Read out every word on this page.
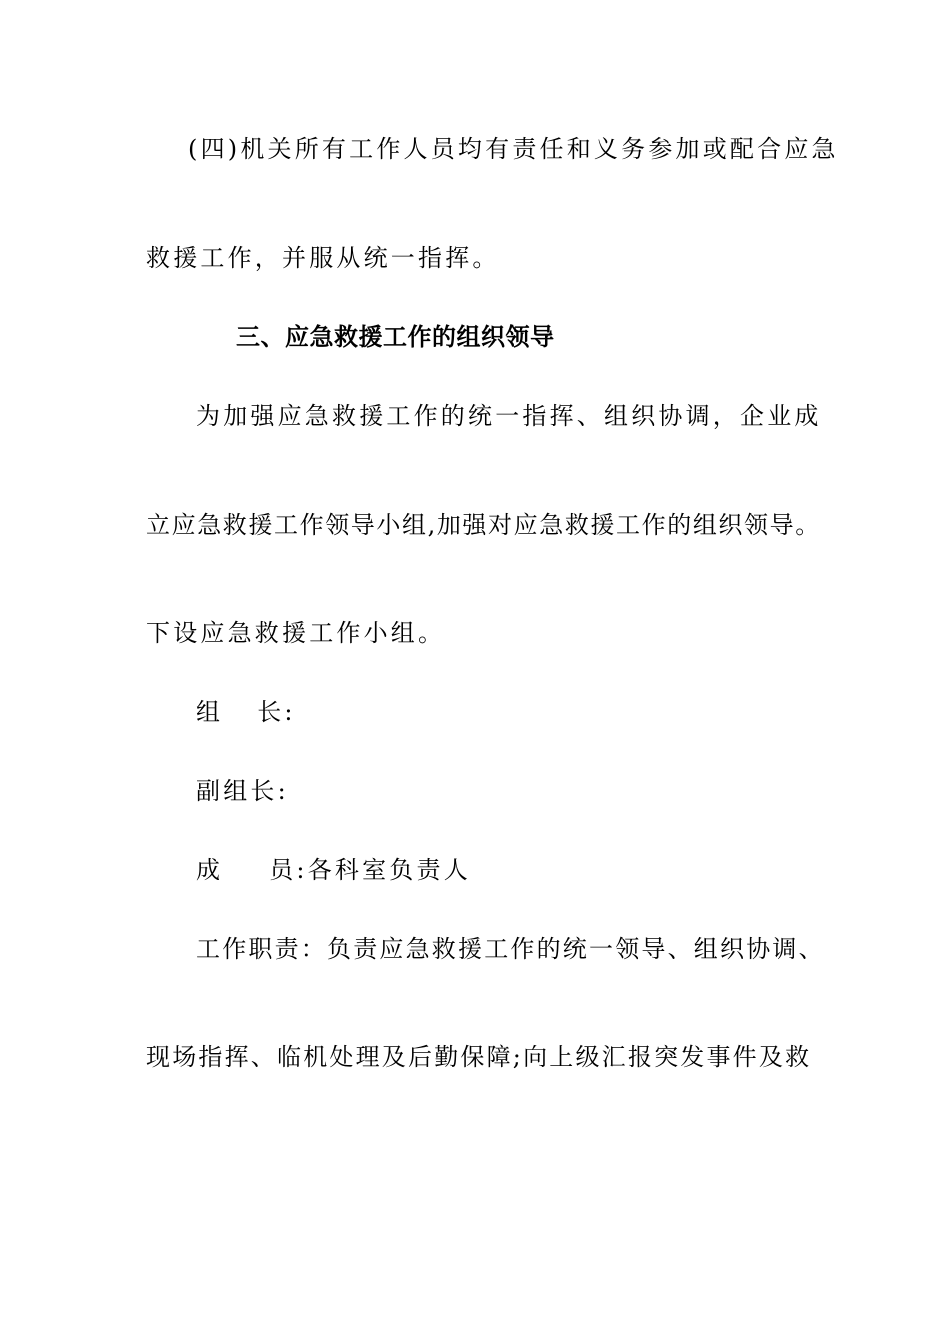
(四)机关所有工作人员均有责任和义务参加或配合应急
救援工作，并服从统一指挥。
三、应急救援工作的组织领导
为加强应急救援工作的统一指挥、组织协调，企业成
立应急救援工作领导小组,加强对应急救援工作的组织领导。
下设应急救援工作小组。
组 长:
副组长:
成 员:各科室负责人
工作职责：负责应急救援工作的统一领导、组织协调、
现场指挥、临机处理及后勤保障;向上级汇报突发事件及救
